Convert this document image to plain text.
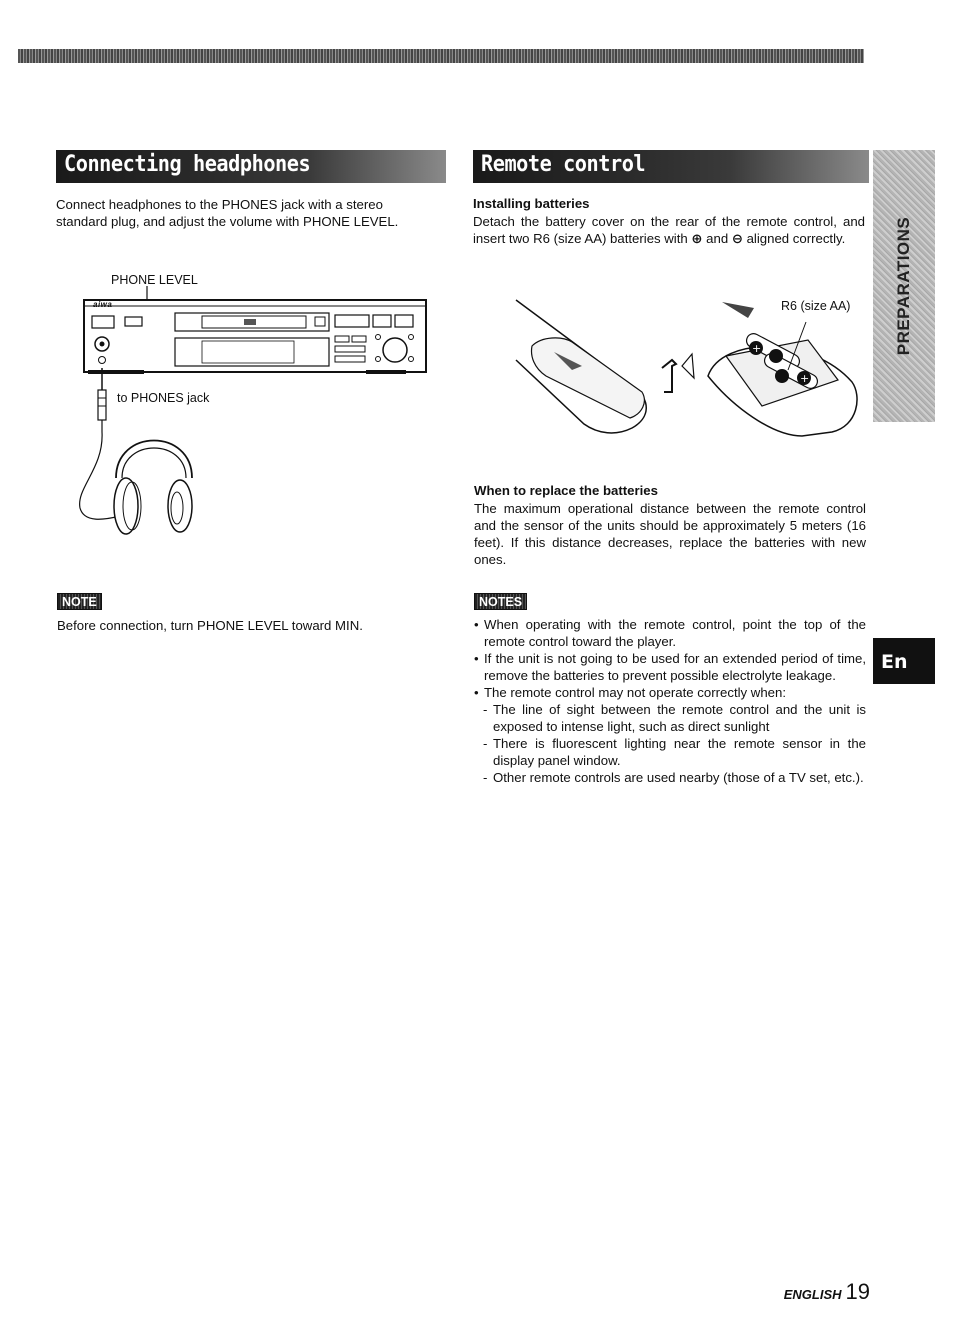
Connecting headphones

Connect headphones to the PHONES jack with a stereo standard plug, and adjust the volume with PHONE LEVEL.

PHONE LEVEL
aiwa
to PHONES jack
NOTE

Before connection, turn PHONE LEVEL toward MIN.

Remote control

Installing batteries

Detach the battery cover on the rear of the remote control, and insert two R6 (size AA) batteries with ⊕ and ⊖ aligned correctly.

+
+
R6 (size AA)

When to replace the batteries

The maximum operational distance between the remote control and the sensor of the units should be approximately 5 meters (16 feet). If this distance decreases, replace the batteries with new ones.

NOTES
• When operating with the remote control, point the top of the remote control toward the player.
• If the unit is not going to be used for an extended period of time, remove the batteries to prevent possible electrolyte leakage.
• The remote control may not operate correctly when:
- The line of sight between the remote control and the unit is exposed to intense light, such as direct sunlight
- There is fluorescent lighting near the remote sensor in the display panel window.
- Other remote controls are used nearby (those of a TV set, etc.).
PREPARATIONS
En
ENGLISH 19
